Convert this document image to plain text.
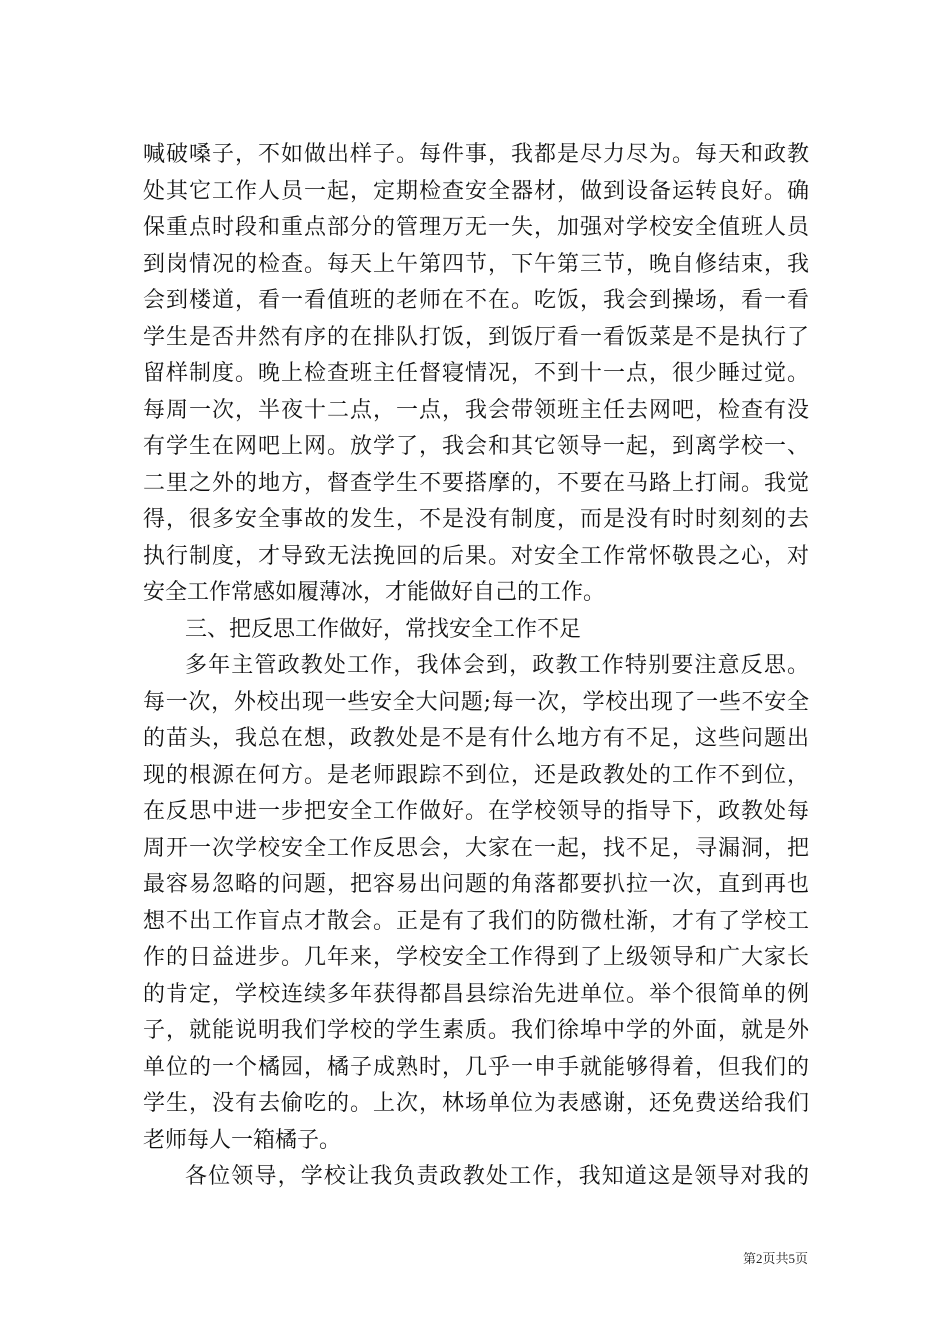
喊破嗓子，不如做出样子。每件事，我都是尽力尽为。每天和政教
处其它工作人员一起，定期检查安全器材，做到设备运转良好。确
保重点时段和重点部分的管理万无一失，加强对学校安全值班人员
到岗情况的检查。每天上午第四节，下午第三节，晚自修结束，我
会到楼道，看一看值班的老师在不在。吃饭，我会到操场，看一看
学生是否井然有序的在排队打饭，到饭厅看一看饭菜是不是执行了
留样制度。晚上检查班主任督寝情况，不到十一点，很少睡过觉。
每周一次，半夜十二点，一点，我会带领班主任去网吧，检查有没
有学生在网吧上网。放学了，我会和其它领导一起，到离学校一、
二里之外的地方，督查学生不要搭摩的，不要在马路上打闹。我觉
得，很多安全事故的发生，不是没有制度，而是没有时时刻刻的去
执行制度，才导致无法挽回的后果。对安全工作常怀敬畏之心，对
安全工作常感如履薄冰，才能做好自己的工作。
三、把反思工作做好，常找安全工作不足
多年主管政教处工作，我体会到，政教工作特别要注意反思。
每一次，外校出现一些安全大问题;每一次，学校出现了一些不安全
的苗头，我总在想，政教处是不是有什么地方有不足，这些问题出
现的根源在何方。是老师跟踪不到位，还是政教处的工作不到位，
在反思中进一步把安全工作做好。在学校领导的指导下，政教处每
周开一次学校安全工作反思会，大家在一起，找不足，寻漏洞，把
最容易忽略的问题，把容易出问题的角落都要扒拉一次，直到再也
想不出工作盲点才散会。正是有了我们的防微杜渐，才有了学校工
作的日益进步。几年来，学校安全工作得到了上级领导和广大家长
的肯定，学校连续多年获得都昌县综治先进单位。举个很简单的例
子，就能说明我们学校的学生素质。我们徐埠中学的外面，就是外
单位的一个橘园，橘子成熟时，几乎一申手就能够得着，但我们的
学生，没有去偷吃的。上次，林场单位为表感谢，还免费送给我们
老师每人一箱橘子。
各位领导，学校让我负责政教处工作，我知道这是领导对我的
第2页共5页
